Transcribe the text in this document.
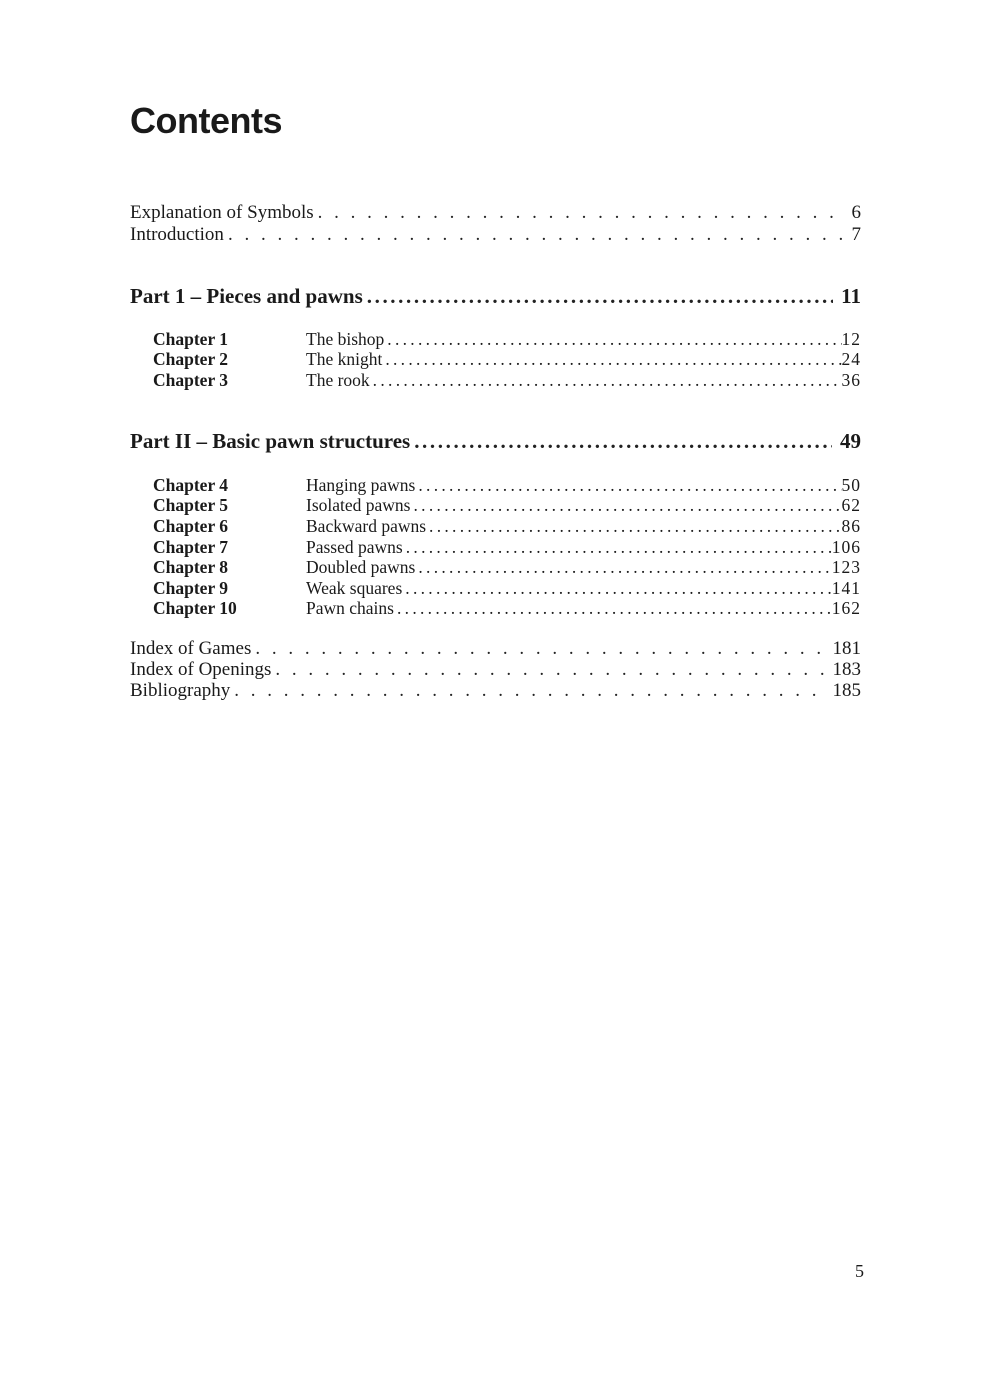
Contents
Explanation of Symbols . . .	6
Introduction . . .	7
Part 1 – Pieces and pawns .....	11
Chapter 1	The bishop .....	12
Chapter 2	The knight .....	24
Chapter 3	The rook .....	36
Part II – Basic pawn structures .....	49
Chapter 4	Hanging pawns .....	50
Chapter 5	Isolated pawns .....	62
Chapter 6	Backward pawns .....	86
Chapter 7	Passed pawns .....	106
Chapter 8	Doubled pawns .....	123
Chapter 9	Weak squares .....	141
Chapter 10	Pawn chains .....	162
Index of Games . . .	181
Index of Openings . . .	183
Bibliography . . .	185
5
